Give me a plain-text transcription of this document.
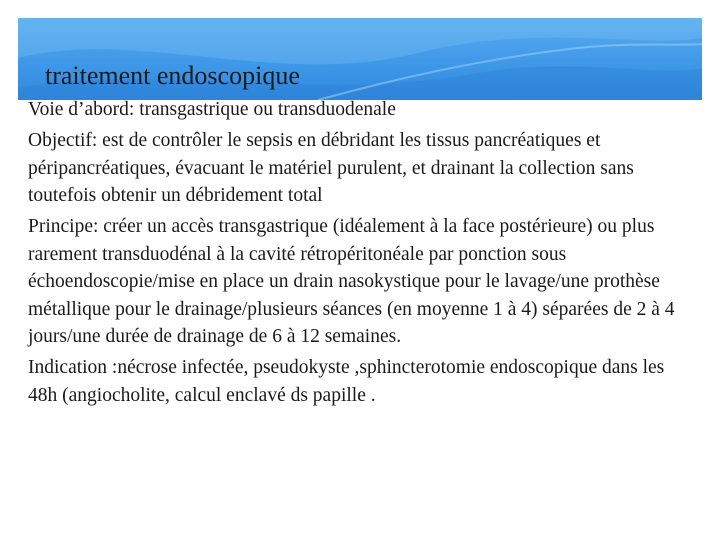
traitement endoscopique

Voie d’abord: transgastrique ou transduodenale

Objectif: est de contrôler le sepsis en débridant les tissus pancréatiques et péripancréatiques, évacuant le matériel purulent, et drainant la collection sans toutefois obtenir un débridement total

Principe: créer un accès transgastrique (idéalement à la face postérieure) ou plus rarement transduodénal à la cavité rétropéritonéale par ponction sous échoendoscopie/mise en place un drain nasokystique pour le lavage/une prothèse métallique pour le drainage/plusieurs séances (en moyenne 1 à 4) séparées de 2 à 4 jours/une durée de drainage de 6 à 12 semaines.

Indication :nécrose infectée, pseudokyste ,sphincterotomie endoscopique dans les 48h (angiocholite, calcul enclavé ds papille .
